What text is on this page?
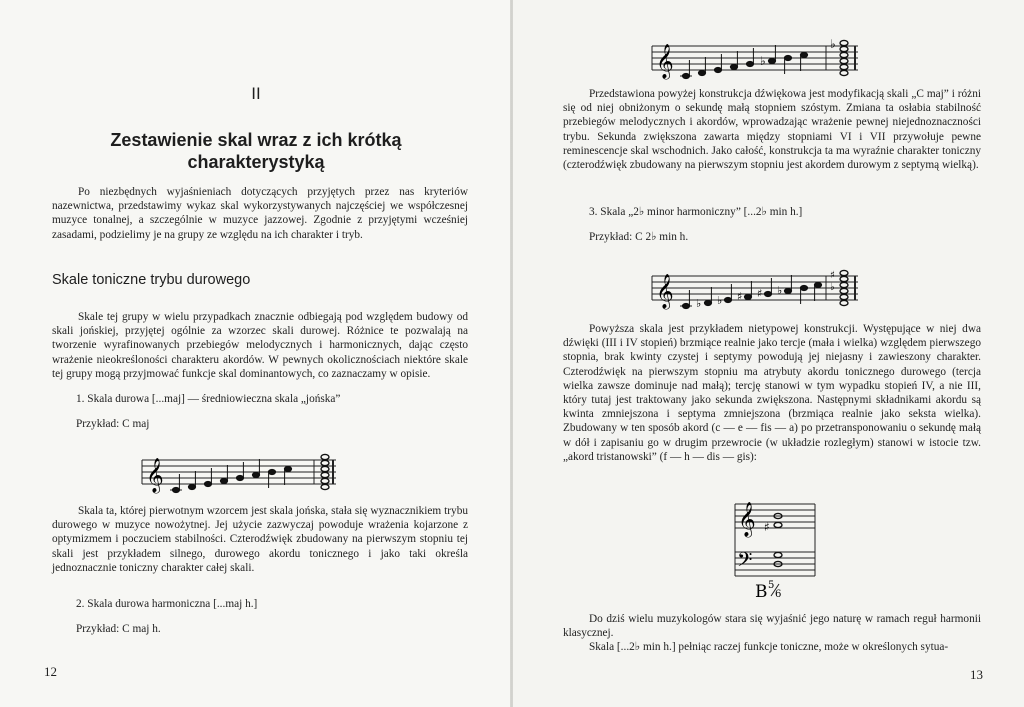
II
Zestawienie skal wraz z ich krótką
charakterystyką

Po niezbędnych wyjaśnieniach dotyczących przyjętych przez nas kryteriów nazewnictwa, przedstawimy wykaz skal wykorzystywanych najczęściej we współczesnej muzyce tonalnej, a szczególnie w muzyce jazzowej. Zgodnie z przyjętymi wcześniej zasadami, podzielimy je na grupy ze względu na ich charakter i tryb.

Skale toniczne trybu durowego

Skale tej grupy w wielu przypadkach znacznie odbiegają pod względem budowy od skali jońskiej, przyjętej ogólnie za wzorzec skali durowej. Różnice te pozwalają na tworzenie wyrafinowanych przebiegów melodycznych i harmonicznych, dając często wrażenie nieokreśloności charakteru akordów. W pewnych okolicznościach niektóre skale tej grupy mogą przyjmować funkcje skal dominantowych, co zaznaczamy w opisie.

1. Skala durowa [...maj] — średniowieczna skala „jońska”

Przykład: C maj

𝄞

Skala ta, której pierwotnym wzorcem jest skala jońska, stała się wyznacznikiem trybu durowego w muzyce nowożytnej. Jej użycie zazwyczaj powoduje wrażenia kojarzone z optymizmem i poczuciem stabilności. Czterodźwięk zbudowany na pierwszym stopniu tej skali jest przykładem silnego, durowego akordu tonicznego i jako taki określa jednoznacznie toniczny charakter całej skali.

2. Skala durowa harmoniczna [...maj h.]

Przykład: C maj h.

12
𝄞	♭
♭

Przedstawiona powyżej konstrukcja dźwiękowa jest modyfikacją skali „C maj” i różni się od niej obniżonym o sekundę małą stopniem szóstym. Zmiana ta osłabia stabilność przebiegów melodycznych i akordów, wprowadzając wrażenie pewnej niejednoznaczności trybu. Sekunda zwiększona zawarta między stopniami VI i VII przywołuje pewne reminescencje skal wschodnich. Jako całość, konstrukcja ta ma wyraźnie charakter toniczny (czterodźwięk zbudowany na pierwszym stopniu jest akordem durowym z septymą wielką).

3. Skala „2♭ minor harmoniczny” [...2♭ min h.]

Przykład: C 2♭ min h.

𝄞 ♭ ♭ ♯ ♯ ♭
♯
♭

Powyższa skala jest przykładem nietypowej konstrukcji. Występujące w niej dwa dźwięki (III i IV stopień) brzmiące realnie jako tercje (mała i wielka) względem pierwszego stopnia, brak kwinty czystej i septymy powodują jej niejasny i zawieszony charakter. Czterodźwięk na pierwszym stopniu ma atrybuty akordu tonicznego durowego (tercja wielka zawsze dominuje nad małą); tercję stanowi w tym wypadku stopień IV, a nie III, który tutaj jest traktowany jako sekunda zwiększona. Następnymi składnikami akordu są kwinta zmniejszona i septyma zmniejszona (brzmiąca realnie jako seksta wielka). Zbudowany w ten sposób akord (c — e — fis — a) po przetransponowaniu o sekundę małą w dół i zapisaniu go w drugim przewrocie (w układzie rozległym) stanowi w istocie tzw. „akord tristanowski” (f — h — dis — gis):

𝄞
𝄢
♯
B 5
6

Do dziś wielu muzykologów stara się wyjaśnić jego naturę w ramach reguł harmonii klasycznej.

Skala [...2♭ min h.] pełniąc raczej funkcje toniczne, może w określonych sytua-

13
